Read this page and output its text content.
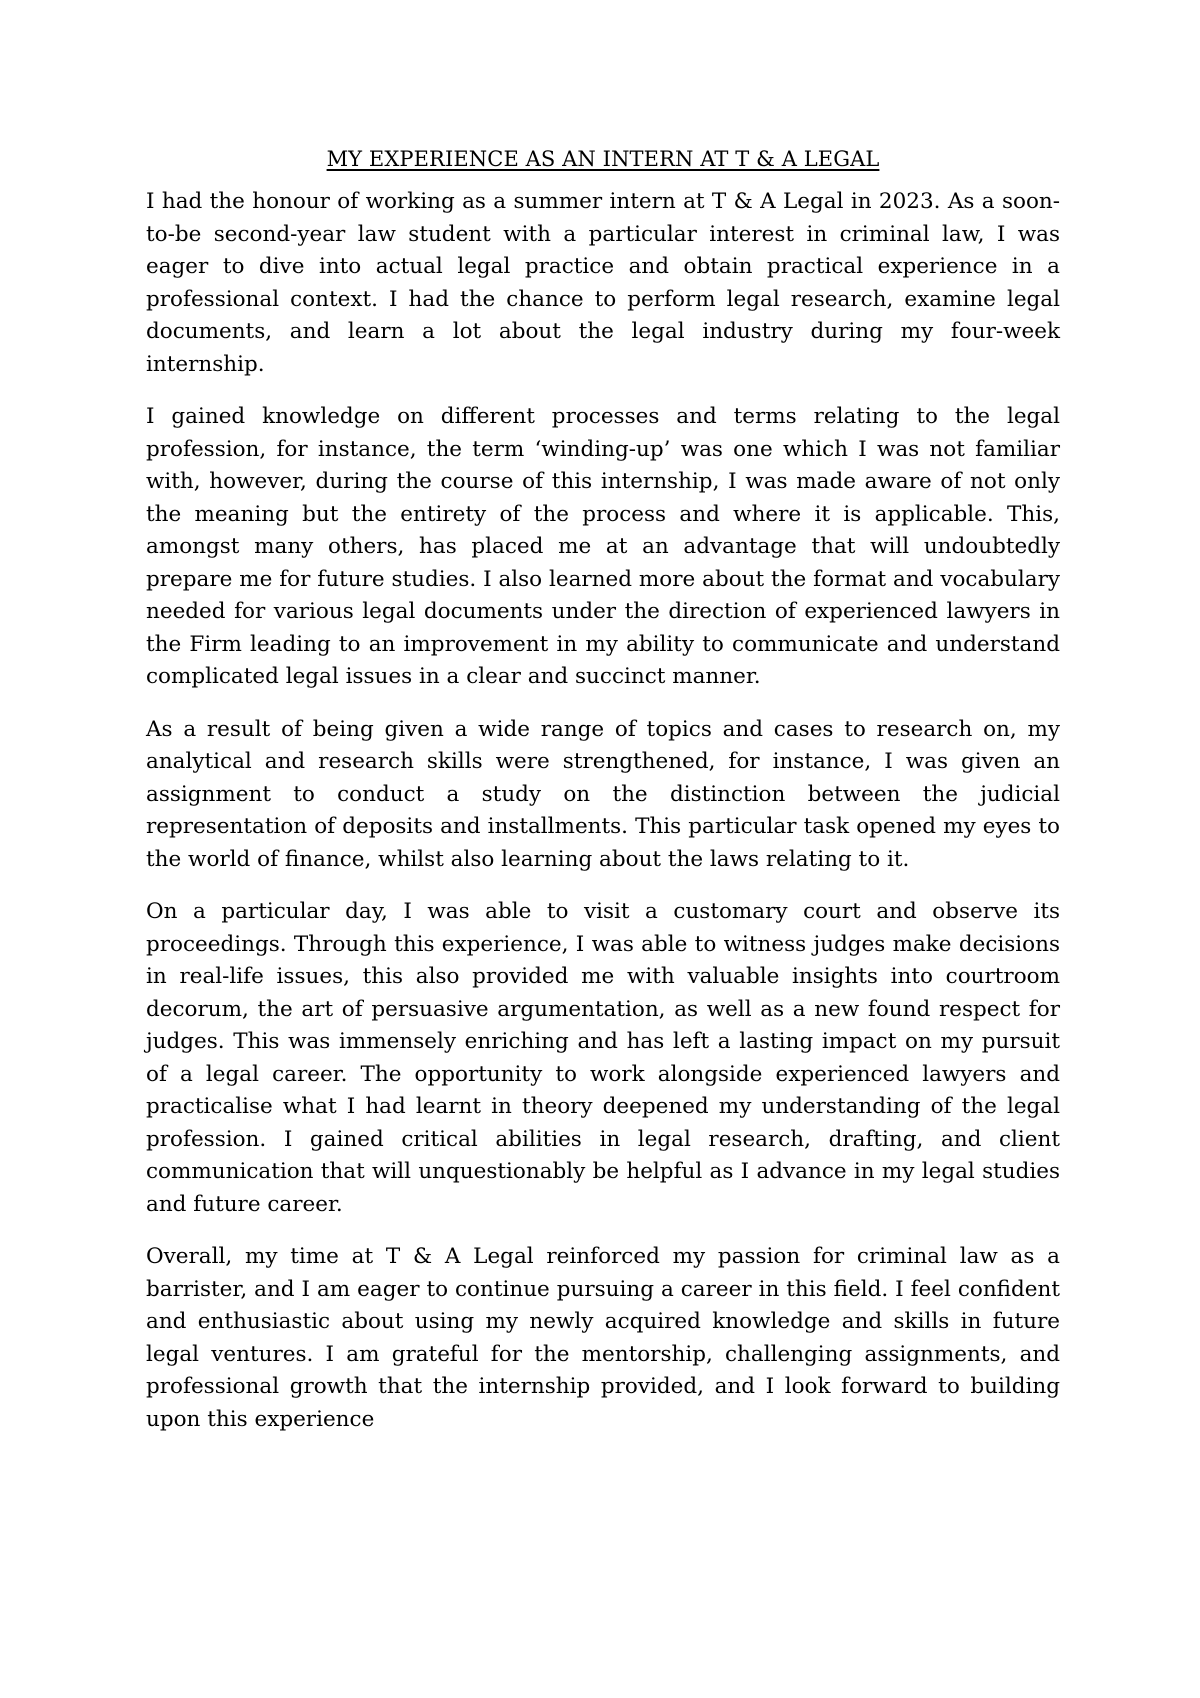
MY EXPERIENCE AS AN INTERN AT T & A LEGAL

I had the honour of working as a summer intern at T & A Legal in 2023. As a soon-to-be second-year law student with a particular interest in criminal law, I was eager to dive into actual legal practice and obtain practical experience in a professional context. I had the chance to perform legal research, examine legal documents, and learn a lot about the legal industry during my four-week internship.

I gained knowledge on different processes and terms relating to the legal profession, for instance, the term ‘winding-up’ was one which I was not familiar with, however, during the course of this internship, I was made aware of not only the meaning but the entirety of the process and where it is applicable. This, amongst many others, has placed me at an advantage that will undoubtedly prepare me for future studies. I also learned more about the format and vocabulary needed for various legal documents under the direction of experienced lawyers in the Firm leading to an improvement in my ability to communicate and understand complicated legal issues in a clear and succinct manner.

As a result of being given a wide range of topics and cases to research on, my analytical and research skills were strengthened, for instance, I was given an assignment to conduct a study on the distinction between the judicial representation of deposits and installments. This particular task opened my eyes to the world of finance, whilst also learning about the laws relating to it.

On a particular day, I was able to visit a customary court and observe its proceedings. Through this experience, I was able to witness judges make decisions in real-life issues, this also provided me with valuable insights into courtroom decorum, the art of persuasive argumentation, as well as a new found respect for judges. This was immensely enriching and has left a lasting impact on my pursuit of a legal career. The opportunity to work alongside experienced lawyers and practicalise what I had learnt in theory deepened my understanding of the legal profession. I gained critical abilities in legal research, drafting, and client communication that will unquestionably be helpful as I advance in my legal studies and future career.

Overall, my time at T & A Legal reinforced my passion for criminal law as a barrister, and I am eager to continue pursuing a career in this field. I feel confident and enthusiastic about using my newly acquired knowledge and skills in future legal ventures. I am grateful for the mentorship, challenging assignments, and professional growth that the internship provided, and I look forward to building upon this experience
